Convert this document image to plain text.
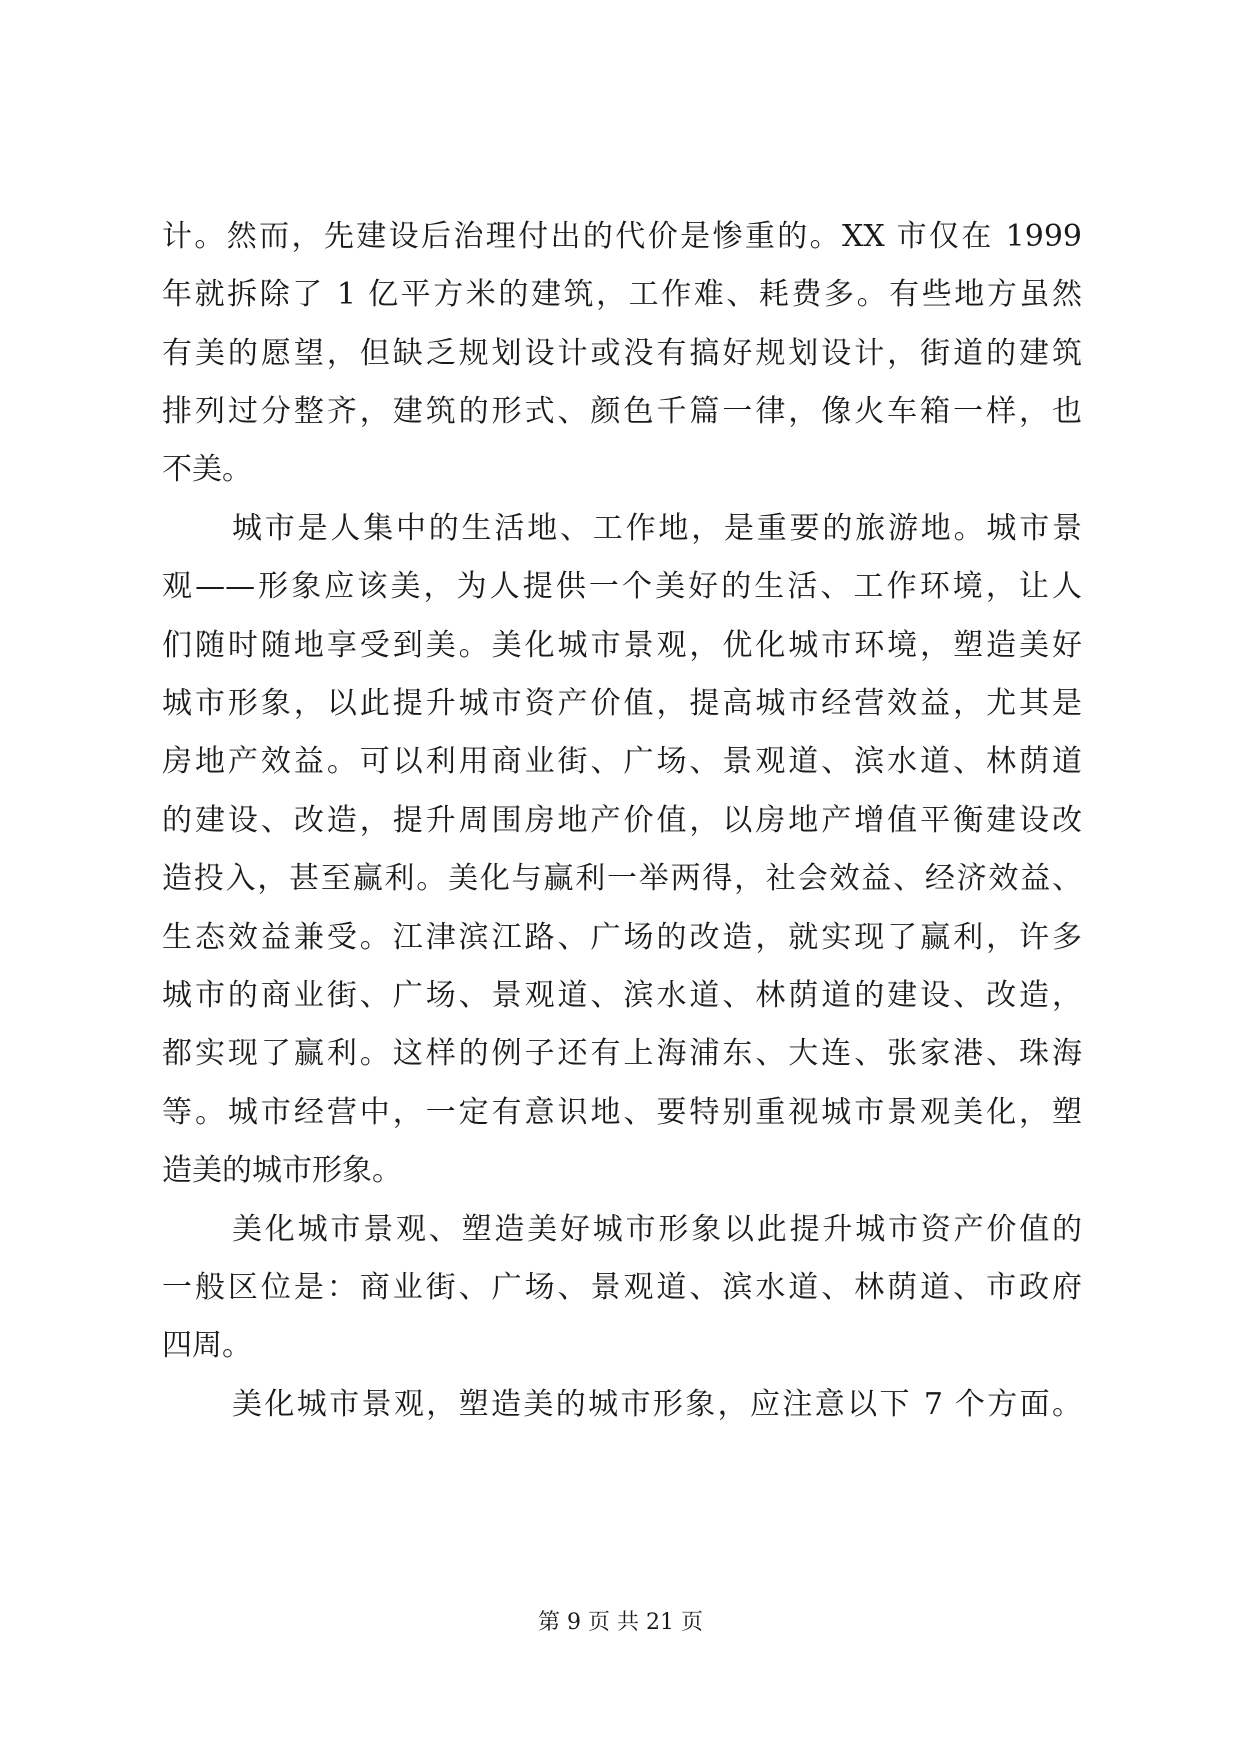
计。然而，先建设后治理付出的代价是惨重的。XX 市仅在 1999
年就拆除了 1 亿平方米的建筑，工作难、耗费多。有些地方虽然
有美的愿望，但缺乏规划设计或没有搞好规划设计，街道的建筑
排列过分整齐，建筑的形式、颜色千篇一律，像火车箱一样，也
不美。
城市是人集中的生活地、工作地，是重要的旅游地。城市景
观——形象应该美，为人提供一个美好的生活、工作环境，让人
们随时随地享受到美。美化城市景观，优化城市环境，塑造美好
城市形象，以此提升城市资产价值，提高城市经营效益，尤其是
房地产效益。可以利用商业街、广场、景观道、滨水道、林荫道
的建设、改造，提升周围房地产价值，以房地产增值平衡建设改
造投入，甚至赢利。美化与赢利一举两得，社会效益、经济效益、
生态效益兼受。江津滨江路、广场的改造，就实现了赢利，许多
城市的商业街、广场、景观道、滨水道、林荫道的建设、改造，
都实现了赢利。这样的例子还有上海浦东、大连、张家港、珠海
等。城市经营中，一定有意识地、要特别重视城市景观美化，塑
造美的城市形象。
美化城市景观、塑造美好城市形象以此提升城市资产价值的
一般区位是：商业街、广场、景观道、滨水道、林荫道、市政府
四周。
美化城市景观，塑造美的城市形象，应注意以下 7 个方面。
第 9 页 共 21 页
